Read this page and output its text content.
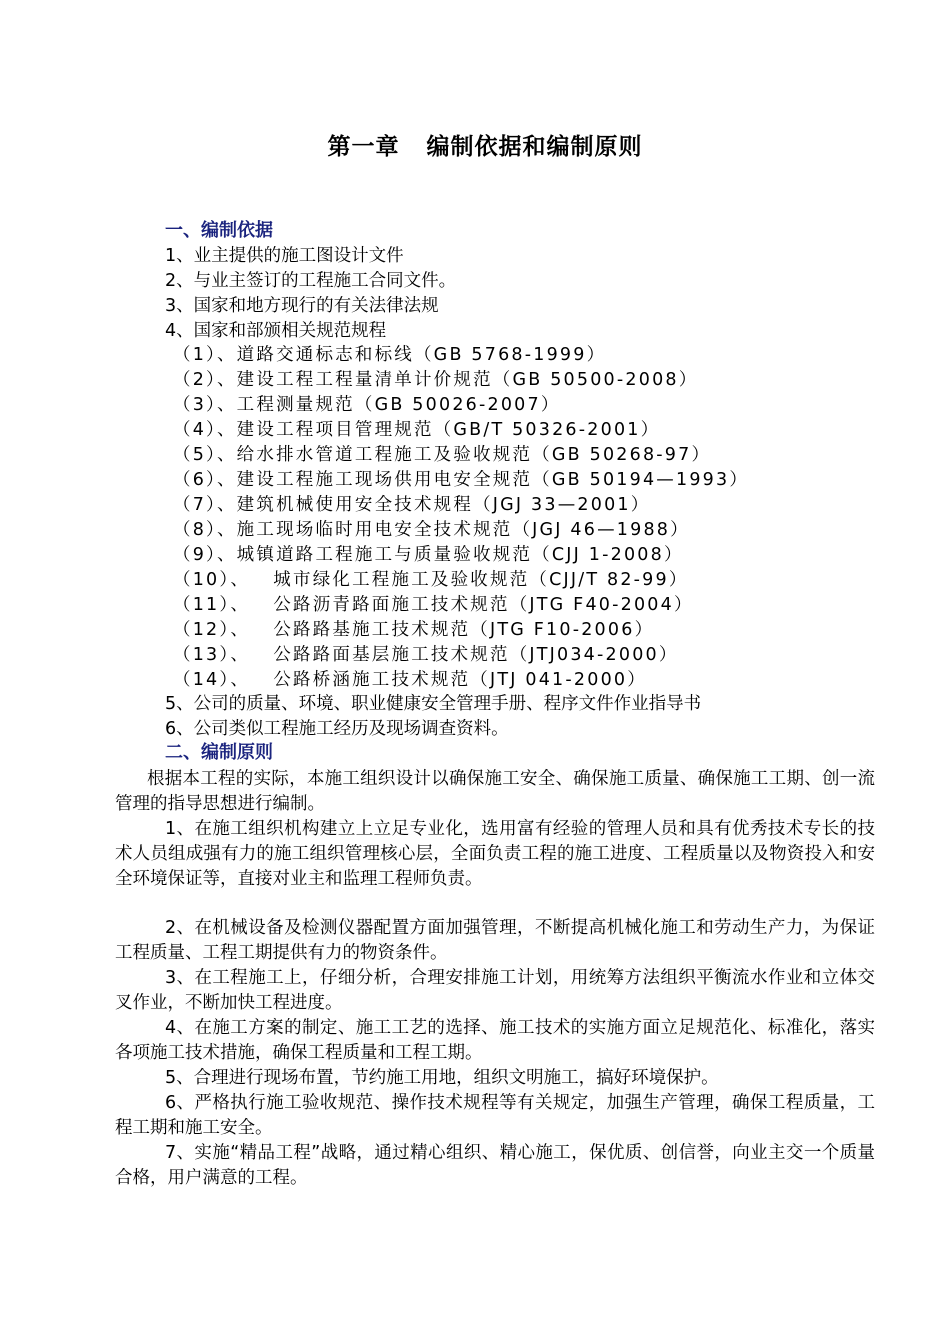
第一章   编制依据和编制原则
一、编制依据
1、业主提供的施工图设计文件
2、与业主签订的工程施工合同文件。
3、国家和地方现行的有关法律法规
4、国家和部颁相关规范规程
（1）、道路交通标志和标线（GB 5768-1999）
（2）、建设工程工程量清单计价规范（GB 50500-2008）
（3）、工程测量规范（GB 50026-2007）
（4）、建设工程项目管理规范（GB/T 50326-2001）
（5）、给水排水管道工程施工及验收规范（GB 50268-97）
（6）、建设工程施工现场供用电安全规范（GB 50194—1993）
（7）、建筑机械使用安全技术规程（JGJ 33—2001）
（8）、施工现场临时用电安全技术规范（JGJ 46—1988）
（9）、城镇道路工程施工与质量验收规范（CJJ 1-2008）
（10）、   城市绿化工程施工及验收规范（CJJ/T 82-99）
（11）、   公路沥青路面施工技术规范（JTG F40-2004）
（12）、   公路路基施工技术规范（JTG F10-2006）
（13）、   公路路面基层施工技术规范（JTJ034-2000）
（14）、   公路桥涵施工技术规范（JTJ 041-2000）
5、公司的质量、环境、职业健康安全管理手册、程序文件作业指导书
6、公司类似工程施工经历及现场调查资料。
二、编制原则
根据本工程的实际，本施工组织设计以确保施工安全、确保施工质量、确保施工工期、创一流管理的指导思想进行编制。
1、在施工组织机构建立上立足专业化，选用富有经验的管理人员和具有优秀技术专长的技术人员组成强有力的施工组织管理核心层，全面负责工程的施工进度、工程质量以及物资投入和安全环境保证等，直接对业主和监理工程师负责。
2、在机械设备及检测仪器配置方面加强管理，不断提高机械化施工和劳动生产力，为保证工程质量、工程工期提供有力的物资条件。
3、在工程施工上，仔细分析，合理安排施工计划，用统筹方法组织平衡流水作业和立体交叉作业，不断加快工程进度。
4、在施工方案的制定、施工工艺的选择、施工技术的实施方面立足规范化、标准化，落实各项施工技术措施，确保工程质量和工程工期。
5、合理进行现场布置，节约施工用地，组织文明施工，搞好环境保护。
6、严格执行施工验收规范、操作技术规程等有关规定，加强生产管理，确保工程质量，工程工期和施工安全。
7、实施“精品工程”战略，通过精心组织、精心施工，保优质、创信誉，向业主交一个质量合格，用户满意的工程。
